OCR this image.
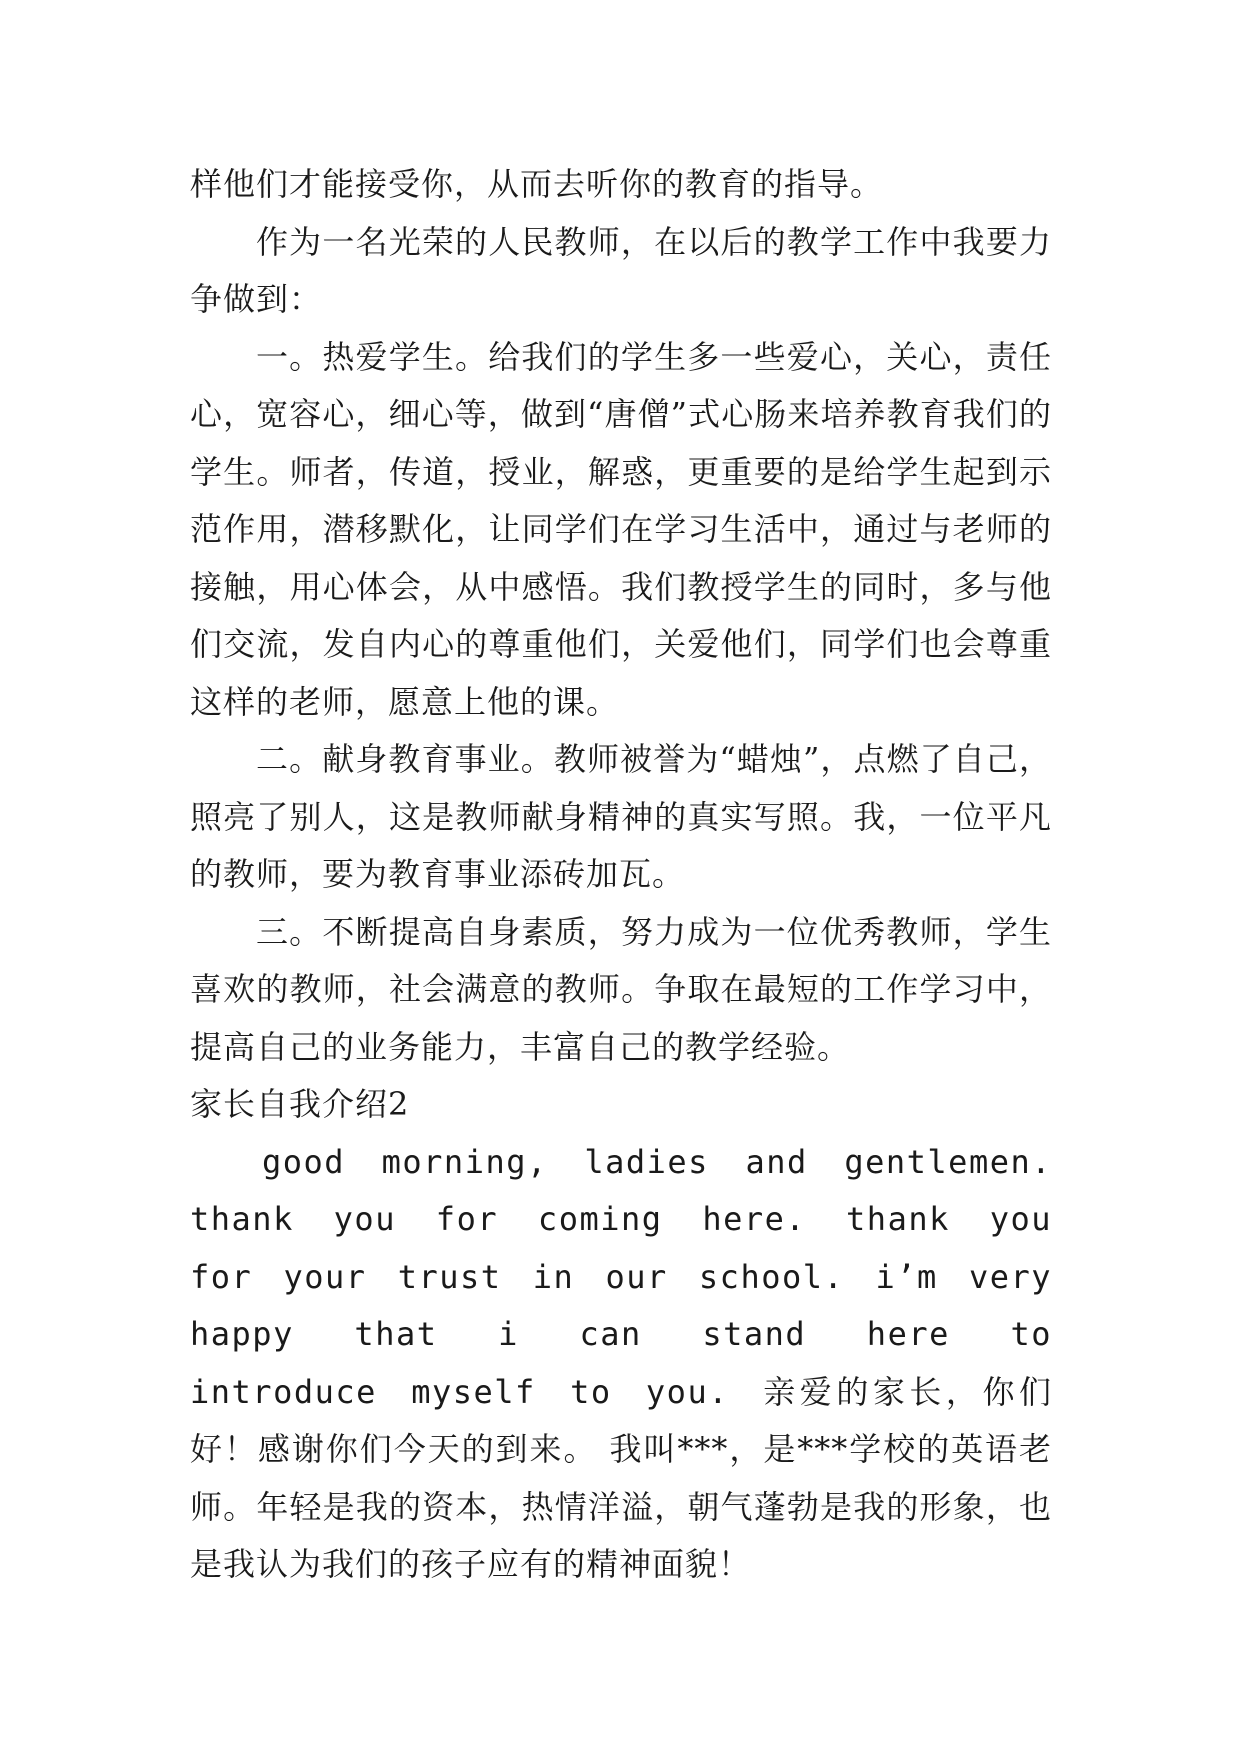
样他们才能接受你，从而去听你的教育的指导。

作为一名光荣的人民教师，在以后的教学工作中我要力争做到：

一。热爱学生。给我们的学生多一些爱心，关心，责任心，宽容心，细心等，做到“唐僧”式心肠来培养教育我们的学生。师者，传道，授业，解惑，更重要的是给学生起到示范作用，潜移默化，让同学们在学习生活中，通过与老师的接触，用心体会，从中感悟。我们教授学生的同时，多与他们交流，发自内心的尊重他们，关爱他们，同学们也会尊重这样的老师，愿意上他的课。

二。献身教育事业。教师被誉为“蜡烛”，点燃了自己，照亮了别人，这是教师献身精神的真实写照。我，一位平凡的教师，要为教育事业添砖加瓦。

三。不断提高自身素质，努力成为一位优秀教师，学生喜欢的教师，社会满意的教师。争取在最短的工作学习中，提高自己的业务能力，丰富自己的教学经验。

家长自我介绍2

good morning, ladies and gentlemen. thank you for coming here. thank you for your trust in our school. i’m very happy that i can stand here to introduce myself to you. 亲爱的家长，你们好！感谢你们今天的到来。 我叫***，是***学校的英语老师。年轻是我的资本，热情洋溢，朝气蓬勃是我的形象，也是我认为我们的孩子应有的精神面貌！
